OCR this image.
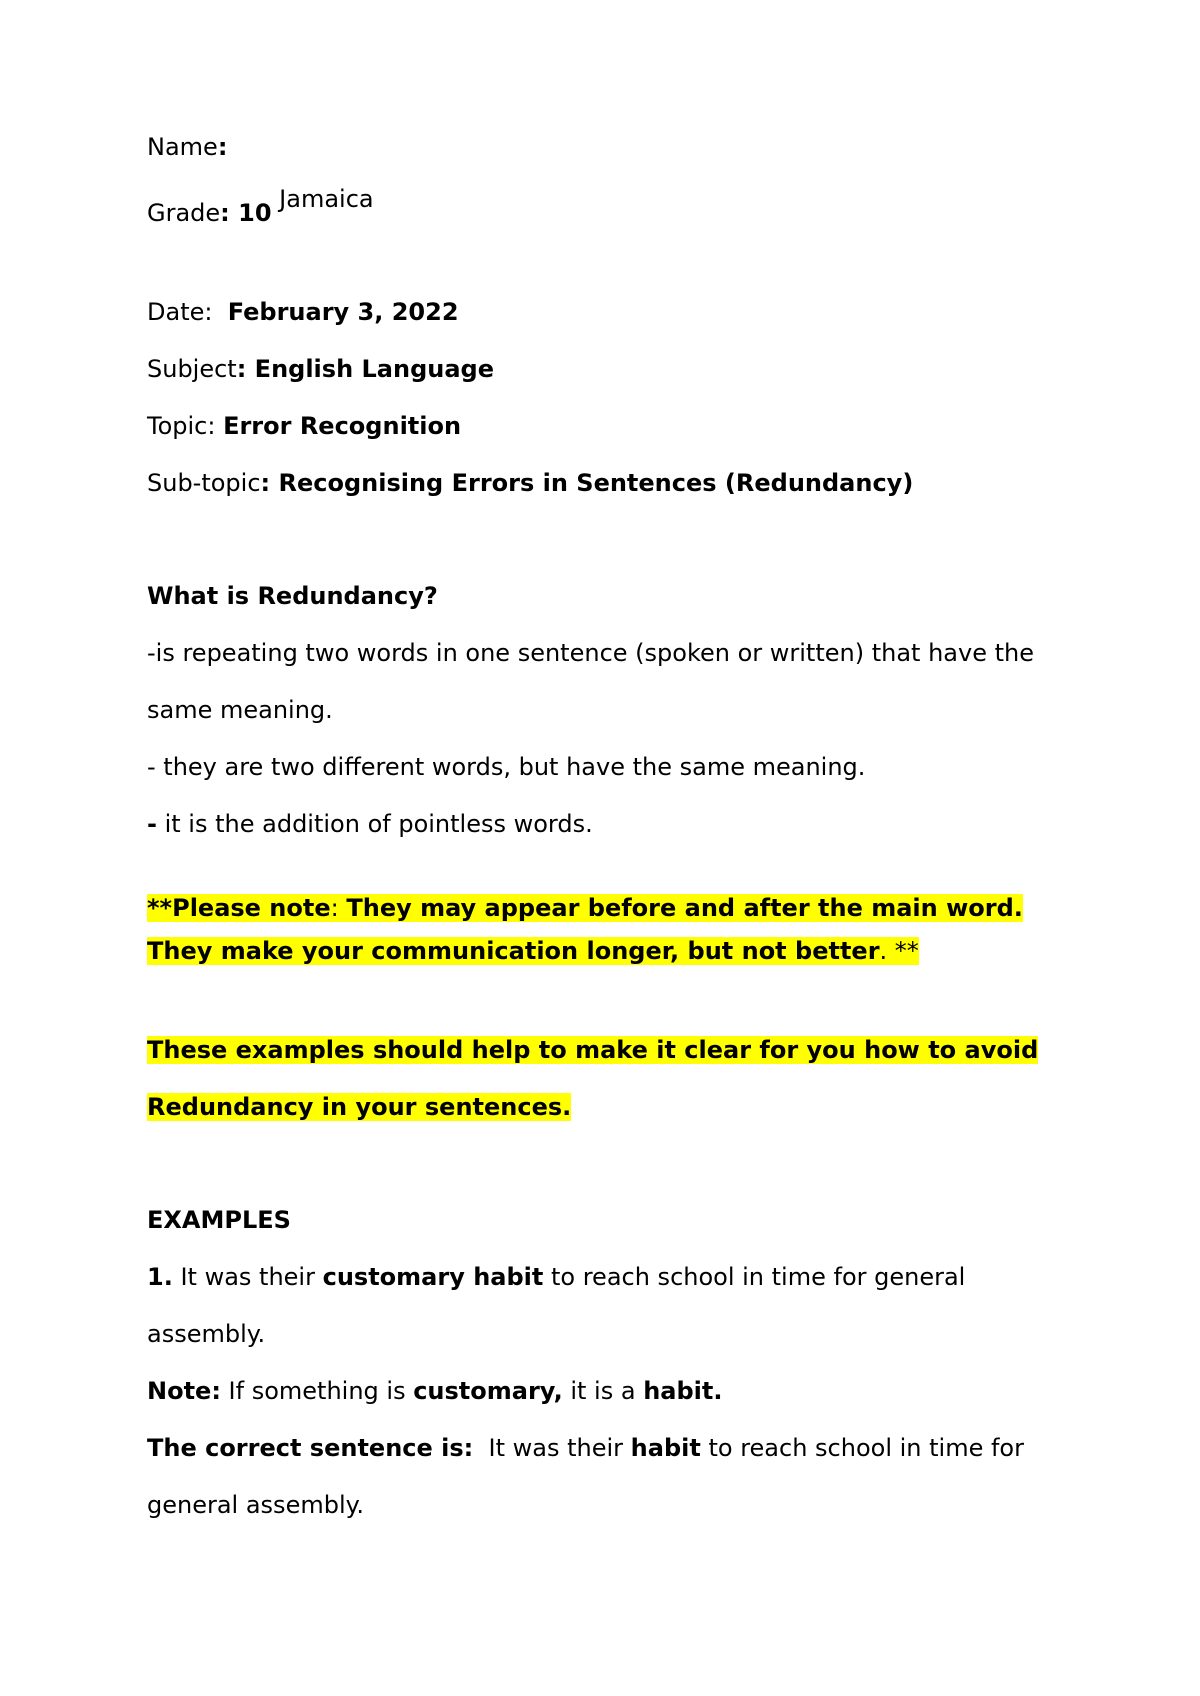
Name:
Grade: 10 Jamaica
Date:  February 3, 2022
Subject: English Language
Topic: Error Recognition
Sub-topic: Recognising Errors in Sentences (Redundancy)
What is Redundancy?
-is repeating two words in one sentence (spoken or written) that have the
same meaning.
- they are two different words, but have the same meaning.
- it is the addition of pointless words.
**Please note: They may appear before and after the main word.
They make your communication longer, but not better. **
These examples should help to make it clear for you how to avoid
Redundancy in your sentences.
EXAMPLES
1. It was their customary habit to reach school in time for general
assembly.
Note: If something is customary, it is a habit.
The correct sentence is:  It was their habit to reach school in time for
general assembly.
